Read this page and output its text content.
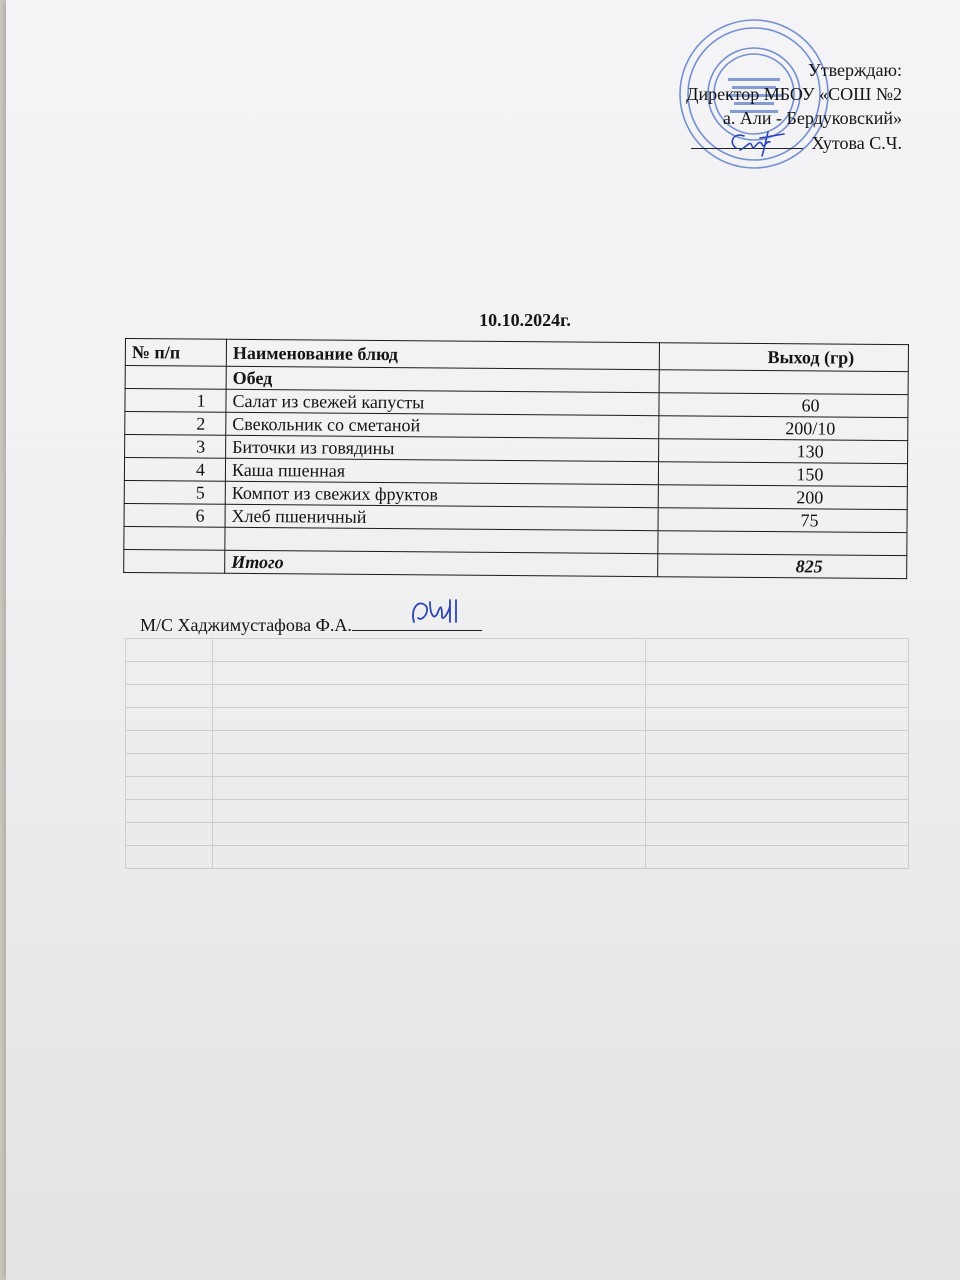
Утверждаю:
Директор МБОУ «СОШ №2
а. Али - Бердуковский»
Хутова С.Ч.
10.10.2024г.
№ п/п	Наименование блюд	Выход (гр)
	Обед	
1	Салат из свежей капусты	60
2	Свекольник со сметаной	200/10
3	Биточки из говядины	130
4	Каша пшенная	150
5	Компот из свежих фруктов	200
6	Хлеб пшеничный	75

	Итого	825
М/С Хаджимустафова Ф.А.
